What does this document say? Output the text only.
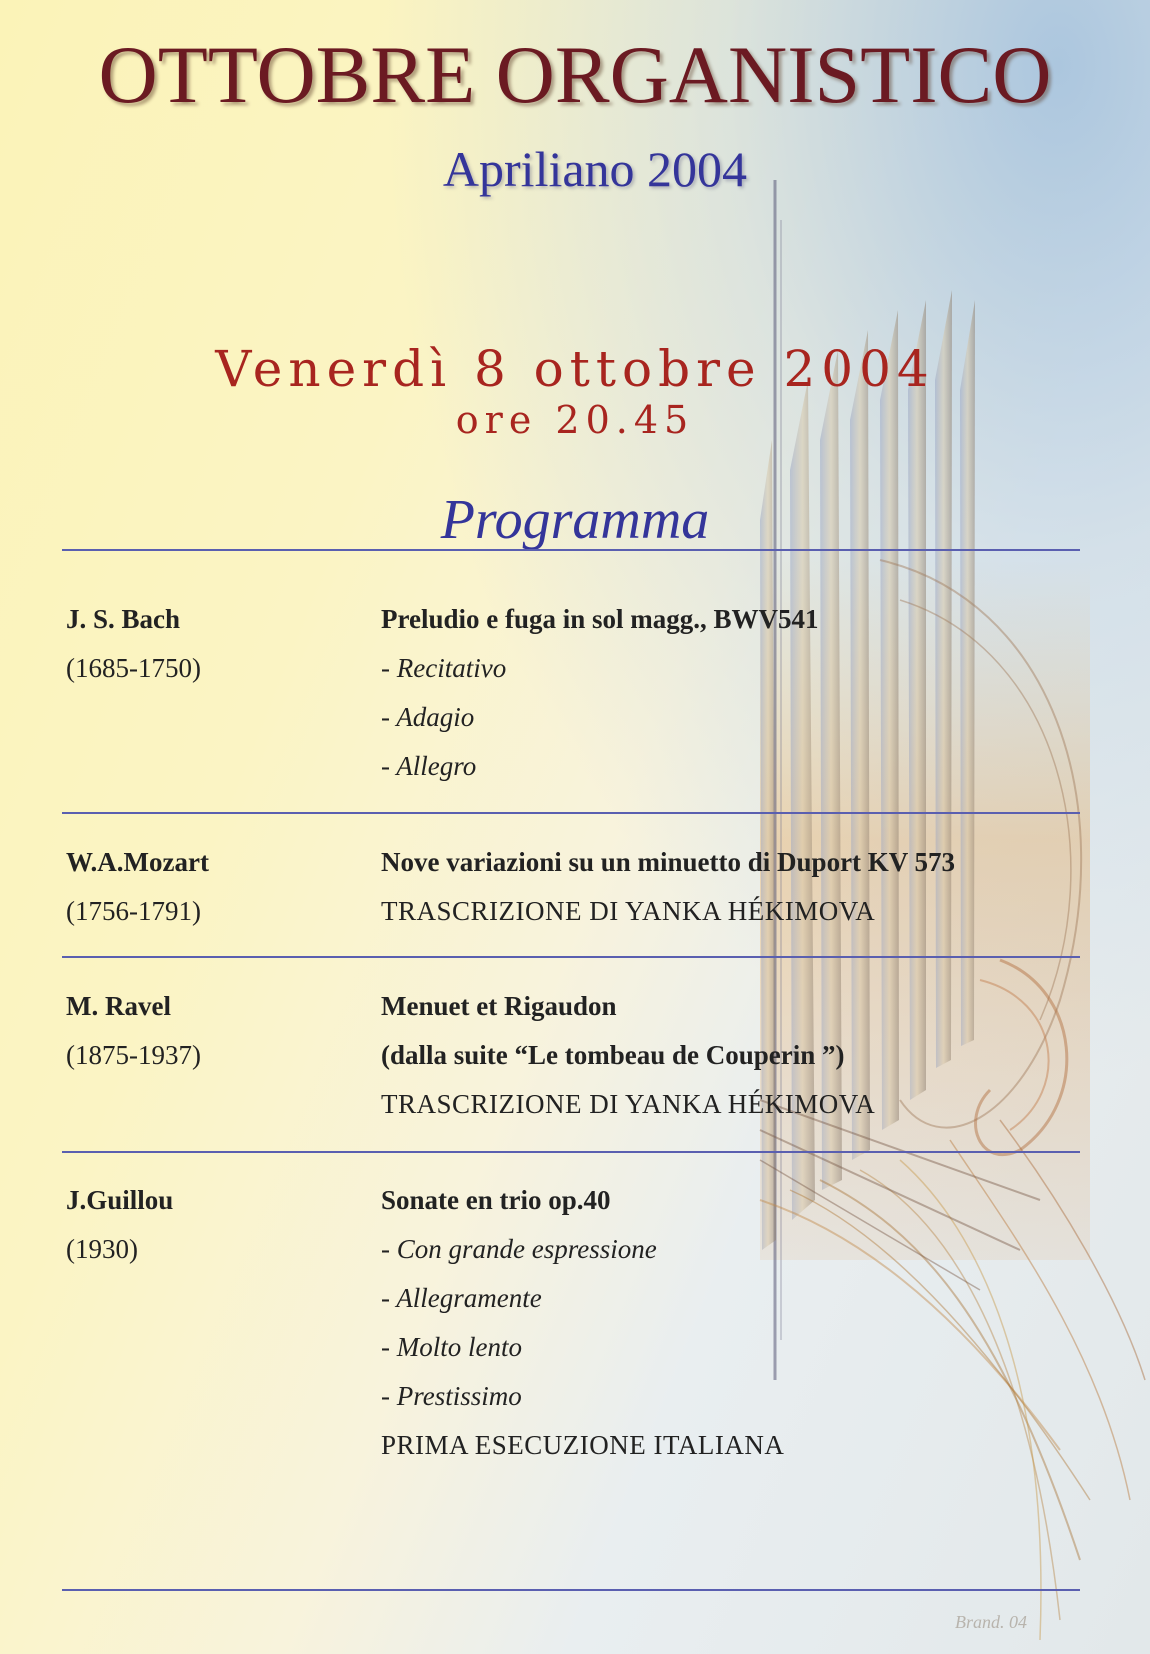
OTTOBRE ORGANISTICO
Apriliano 2004
Venerdì 8 ottobre 2004
ore 20.45
Programma
J. S. Bach
(1685-1750)
Preludio e fuga in sol magg., BWV541
- Recitativo
- Adagio
- Allegro
W.A.Mozart
(1756-1791)
Nove variazioni su un minuetto di Duport KV 573
TRASCRIZIONE DI YANKA HÉKIMOVA
M. Ravel
(1875-1937)
Menuet et Rigaudon
(dalla suite “Le tombeau de Couperin ”)
TRASCRIZIONE DI YANKA HÉKIMOVA
J.Guillou
(1930)
Sonate en trio op.40
- Con grande espressione
- Allegramente
- Molto lento
- Prestissimo
PRIMA ESECUZIONE ITALIANA
Brand. 04
